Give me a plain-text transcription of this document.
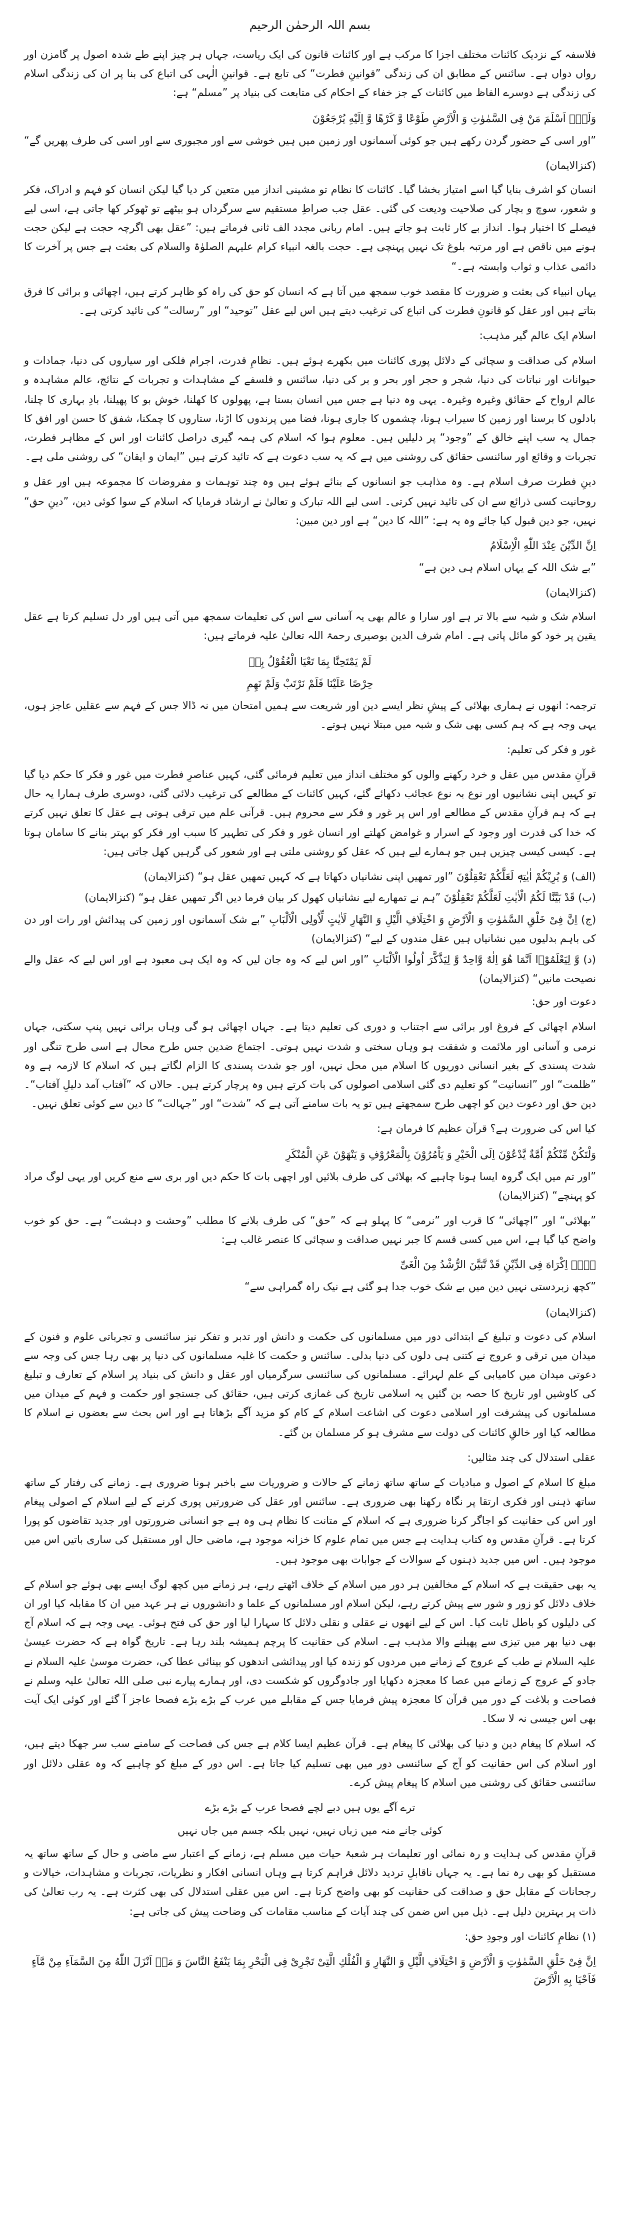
بسم اللہ الرحمٰن الرحیم

فلاسفہ کے نزدیک کائنات مختلف اجزا کا مرکب ہے اور کائنات قانون کی ایک ریاست، جہاں ہر چیز اپنے طے شدہ اصول پر گامزن اور رواں دواں ہے۔ سائنس کے مطابق ان کی زندگی ”قوانینِ فطرت“ کی تابع ہے۔ قوانینِ الٰہی کی اتباع کی بنا پر ان کی زندگی اسلام کی زندگی ہے دوسرے الفاظ میں کائنات کے جز خفاء کے احکام کی متابعت کی بنیاد پر ”مسلم“ ہے:

وَلَهٗۤ اَسْلَمَ مَنْ فِی السَّمٰوٰتِ وَ الْاَرْضِ طَوْعًا وَّ كَرْهًا وَّ اِلَیْهِ یُرْجَعُوْنَ

”اور اسی کے حضور گردن رکھے ہیں جو کوئی آسمانوں اور زمین میں ہیں خوشی سے اور مجبوری سے اور اسی کی طرف پھریں گے“

(کنزالایمان)

انسان کو اشرف بنایا گیا اسے امتیاز بخشا گیا۔ کائنات کا نظام تو مشینی انداز میں متعین کر دیا گیا لیکن انسان کو فہم و ادراک، فکر و شعور، سوچ و بچار کی صلاحیت ودیعت کی گئی۔ عقل جب صراطِ مستقیم سے سرگرداں ہو بیٹھے تو ٹھوکر کھا جاتی ہے، اسی لیے فیصلے کا اختیار ہوا۔ انداز بے کار ثابت ہو جاتے ہیں۔ امام ربانی مجدد الف ثانی فرماتے ہیں: ”عقل بھی اگرچہ حجت ہے لیکن حجت ہونے میں ناقص ہے اور مرتبہ بلوغ تک نہیں پہنچی ہے۔ حجت بالغہ انبیاء کرام علیہم الصلوٰۃ والسلام کی بعثت ہے جس پر آخرت کا دائمی عذاب و ثواب وابستہ ہے۔“

یہاں انبیاء کی بعثت و ضرورت کا مقصد خوب سمجھ میں آتا ہے کہ انسان کو حق کی راہ کو ظاہر کرتے ہیں، اچھائی و برائی کا فرق بتاتے ہیں اور عقل کو قانونِ فطرت کی اتباع کی ترغیب دیتے ہیں اس لیے عقل ”توحید“ اور ”رسالت“ کی تائید کرتی ہے۔

اسلام ایک عالم گیر مذہب:

اسلام کی صداقت و سچائی کے دلائل پوری کائنات میں بکھرے ہوئے ہیں۔ نظامِ قدرت، اجرام فلکی اور سیاروں کی دنیا، جمادات و حیوانات اور نباتات کی دنیا، شجر و حجر اور بحر و بر کی دنیا، سائنس و فلسفے کے مشاہدات و تجربات کے نتائج، عالم مشاہدہ و عالم ارواح کے حقائق وغیرہ وغیرہ۔ یہی وہ دنیا ہے جس میں انسان بستا ہے، پھولوں کا کھلنا، خوش بو کا پھیلنا، بادِ بہاری کا چلنا، بادلوں کا برسنا اور زمین کا سیراب ہونا، چشموں کا جاری ہونا، فضا میں پرندوں کا اڑنا، ستاروں کا چمکنا، شفق کا حسن اور افق کا جمال یہ سب اپنے خالق کے ”وجود“ پر دلیلیں ہیں۔ معلوم ہوا کہ اسلام کی ہمہ گیری دراصل کائنات اور اس کے مظاہر فطرت، تجربات و وقائع اور سائنسی حقائق کی روشنی میں ہے کہ یہ سب دعوت ہے کہ تائید کرتے ہیں ”ایمان و ایقان“ کی روشنی ملی ہے۔

دینِ فطرت صرف اسلام ہے۔ وہ مذاہب جو انسانوں کے بنائے ہوئے ہیں وہ چند توہمات و مفروضات کا مجموعہ ہیں اور عقل و روحانیت کسی ذرائع سے ان کی تائید نہیں کرتی۔ اسی لیے اللہ تبارک و تعالیٰ نے ارشاد فرمایا کہ اسلام کے سوا کوئی دین، ”دینِ حق“ نہیں، جو دین قبول کیا جائے وہ یہ ہے: ”اللہ کا دین“ ہے اور دین مبین:

اِنَّ الدِّیْنَ عِنْدَ اللّٰهِ الْاِسْلَامُ

”بے شک اللہ کے یہاں اسلام ہی دین ہے“

(کنزالایمان)

اسلام شک و شبہ سے بالا تر ہے اور سارا و عالم بھی یہ آسانی سے اس کی تعلیمات سمجھ میں آتی ہیں اور دل تسلیم کرتا ہے عقل یقین پر خود کو مائل پاتی ہے۔ امام شرف الدین بوصیری رحمۃ اللہ تعالیٰ علیہ فرماتے ہیں:

لَمْ یَمْتَحِنَّا بِمَا تَعْیَا الْعُقُوْلُ بِهٖ
حِرْصًا عَلَیْنَا فَلَمْ نَرْتَبْ وَلَمْ نَهِمِ

ترجمہ: انھوں نے ہماری بھلائی کے پیشِ نظر ایسے دین اور شریعت سے ہمیں امتحان میں نہ ڈالا جس کے فہم سے عقلیں عاجز ہوں، یہی وجہ ہے کہ ہم کسی بھی شک و شبہ میں مبتلا نہیں ہوتے۔

غور و فکر کی تعلیم:

قرآنِ مقدس میں عقل و خرد رکھنے والوں کو مختلف انداز میں تعلیم فرمائی گئی، کہیں عناصرِ فطرت میں غور و فکر کا حکم دیا گیا تو کہیں اپنی نشانیوں اور نوع بہ نوع عجائب دکھائے گئے، کہیں کائنات کے مطالعے کی ترغیب دلائی گئی، دوسری طرف ہمارا یہ حال ہے کہ ہم قرآنِ مقدس کے مطالعے اور اس پر غور و فکر سے محروم ہیں۔ قرآنی علم میں ترقی ہوتی ہے عقل کا تعلق نہیں کرتے کہ خدا کی قدرت اور وجود کے اسرار و غوامض کھلتے اور انسان غور و فکر کی تطہیر کا سبب اور فکر کو بہتر بنانے کا سامان ہوتا ہے۔ کیسی کیسی چیزیں ہیں جو ہمارے لیے ہیں کہ عقل کو روشنی ملتی ہے اور شعور کی گرہیں کھل جاتی ہیں:

(الف) وَ یُرِیْكُمْ اٰیٰتِهٖ لَعَلَّكُمْ تَعْقِلُوْنَ ”اور تمھیں اپنی نشانیاں دکھاتا ہے کہ کہیں تمھیں عقل ہو“ (کنزالایمان)

(ب) قَدْ بَیَّنَّا لَكُمُ الْاٰیٰتِ لَعَلَّكُمْ تَعْقِلُوْنَ ”ہم نے تمھارے لیے نشانیاں کھول کر بیان فرما دیں اگر تمھیں عقل ہو“ (کنزالایمان)

(ج) اِنَّ فِیْ خَلْقِ السَّمٰوٰتِ وَ الْاَرْضِ وَ اخْتِلَافِ الَّیْلِ وَ النَّهَارِ لَاٰیٰتٍ لِّاُولِی الْاَلْبَابِ ”بے شک آسمانوں اور زمین کی پیدائش اور رات اور دن کی باہم بدلیوں میں نشانیاں ہیں عقل مندوں کے لیے“ (کنزالایمان)

(د) وَّ لِیَعْلَمُوْۤا اَنَّمَا هُوَ اِلٰهٌ وَّاحِدٌ وَّ لِیَذَّكَّرَ اُولُوا الْاَلْبَابِ ”اور اس لیے کہ وہ جان لیں کہ وہ ایک ہی معبود ہے اور اس لیے کہ عقل والے نصیحت مانیں“ (کنزالایمان)

دعوت اور حق:

اسلام اچھائی کے فروغ اور برائی سے اجتناب و دوری کی تعلیم دیتا ہے۔ جہاں اچھائی ہو گی وہاں برائی نہیں پنپ سکتی، جہاں نرمی و آسانی اور ملائمت و شفقت ہو وہاں سختی و شدت نہیں ہوتی۔ اجتماع ضدین جس طرح محال ہے اسی طرح تنگی اور شدت پسندی کے بغیر انسانی دوریوں کا اسلام میں محل نہیں، اور جو شدت پسندی کا الزام لگاتے ہیں کہ اسلام کا لازمہ ہے وہ ”ظلمت“ اور ”انسانیت“ کو تعلیم دی گئی اسلامی اصولوں کی بات کرتے ہیں وہ پرچار کرتے ہیں۔ حالاں کہ ”آفتاب آمد دلیلِ آفتاب“۔ دین حق اور دعوت دین کو اچھی طرح سمجھتے ہیں تو یہ بات سامنے آتی ہے کہ ”شدت“ اور ”جہالت“ کا دین سے کوئی تعلق نہیں۔

کیا اس کی ضرورت ہے؟ قرآن عظیم کا فرمان ہے:

وَلْتَكُنْ مِّنْكُمْ اُمَّةٌ یَّدْعُوْنَ اِلَى الْخَیْرِ وَ یَاْمُرُوْنَ بِالْمَعْرُوْفِ وَ یَنْهَوْنَ عَنِ الْمُنْكَرِ

”اور تم میں ایک گروہ ایسا ہونا چاہیے کہ بھلائی کی طرف بلائیں اور اچھی بات کا حکم دیں اور بری سے منع کریں اور یہی لوگ مراد کو پہنچے“ (کنزالایمان)

”بھلائی“ اور ”اچھائی“ کا قرب اور ”نرمی“ کا پہلو ہے کہ ”حق“ کی طرف بلانے کا مطلب ”وحشت و دہشت“ ہے۔ حق کو خوب واضح کیا گیا ہے، اس میں کسی قسم کا جبر نہیں صداقت و سچائی کا عنصر غالب ہے:

لَاۤ اِكْرَاهَ فِی الدِّیْنِ قَدْ تَّبَیَّنَ الرُّشْدُ مِنَ الْغَیِّ

”کچھ زبردستی نہیں دین میں بے شک خوب جدا ہو گئی ہے نیک راہ گمراہی سے“

(کنزالایمان)

اسلام کی دعوت و تبلیغ کے ابتدائی دور میں مسلمانوں کی حکمت و دانش اور تدبر و تفکر نیز سائنسی و تجرباتی علوم و فنون کے میدان میں ترقی و عروج نے کتنی ہی دلوں کی دنیا بدلی۔ سائنس و حکمت کا غلبہ مسلمانوں کی دنیا پر بھی رہا جس کی وجہ سے دعوتی میدان میں کامیابی کے علم لہرائے۔ مسلمانوں کی سائنسی سرگرمیاں اور عقل و دانش کی بنیاد پر اسلام کے تعارف و تبلیغ کی کاوشیں اور تاریخ کا حصہ بن گئیں یہ اسلامی تاریخ کی غمازی کرتی ہیں، حقائق کی جستجو اور حکمت و فہم کے میدان میں مسلمانوں کی پیشرفت اور اسلامی دعوت کی اشاعت اسلام کے کام کو مزید آگے بڑھاتا ہے اور اس بحث سے بعضوں نے اسلام کا مطالعہ کیا اور خالقِ کائنات کی دولت سے مشرف ہو کر مسلمان بن گئے۔

عقلی استدلال کی چند مثالیں:

مبلغ کا اسلام کے اصول و مبادیات کے ساتھ ساتھ زمانے کے حالات و ضروریات سے باخبر ہونا ضروری ہے۔ زمانے کی رفتار کے ساتھ ساتھ ذہنی اور فکری ارتقا پر نگاہ رکھنا بھی ضروری ہے۔ سائنس اور عقل کی ضرورتیں پوری کرنے کے لیے اسلام کے اصولی پیغام اور اس کی حقانیت کو اجاگر کرنا ضروری ہے کہ اسلام کے متانت کا نظام ہی وہ ہے جو انسانی ضرورتوں اور جدید تقاضوں کو پورا کرتا ہے۔ قرآنِ مقدس وہ کتاب ہدایت ہے جس میں تمام علوم کا خزانہ موجود ہے، ماضی حال اور مستقبل کی ساری باتیں اس میں موجود ہیں۔ اس میں جدید ذہنوں کے سوالات کے جوابات بھی موجود ہیں۔

یہ بھی حقیقت ہے کہ اسلام کے مخالفین ہر دور میں اسلام کے خلاف اٹھتے رہے، ہر زمانے میں کچھ لوگ ایسے بھی ہوئے جو اسلام کے خلاف دلائل کو زور و شور سے پیش کرتے رہے، لیکن اسلام اور مسلمانوں کے علما و دانشوروں نے ہر عہد میں ان کا مقابلہ کیا اور ان کی دلیلوں کو باطل ثابت کیا۔ اس کے لیے انھوں نے عقلی و نقلی دلائل کا سہارا لیا اور حق کی فتح ہوئی۔ یہی وجہ ہے کہ اسلام آج بھی دنیا بھر میں تیزی سے پھیلنے والا مذہب ہے۔ اسلام کی حقانیت کا پرچم ہمیشہ بلند رہا ہے۔ تاریخ گواہ ہے کہ حضرت عیسیٰ علیہ السلام نے طب کے عروج کے زمانے میں مردوں کو زندہ کیا اور پیدائشی اندھوں کو بینائی عطا کی، حضرت موسیٰ علیہ السلام نے جادو کے عروج کے زمانے میں عصا کا معجزہ دکھایا اور جادوگروں کو شکست دی، اور ہمارے پیارے نبی صلی اللہ تعالیٰ علیہ وسلم نے فصاحت و بلاغت کے دور میں قرآن کا معجزہ پیش فرمایا جس کے مقابلے میں عرب کے بڑے بڑے فصحا عاجز آ گئے اور کوئی ایک آیت بھی اس جیسی نہ لا سکا۔

کہ اسلام کا پیغام دین و دنیا کی بھلائی کا پیغام ہے۔ قرآن عظیم ایسا کلام ہے جس کی فصاحت کے سامنے سب سر جھکا دیتے ہیں، اور اسلام کی اس حقانیت کو آج کے سائنسی دور میں بھی تسلیم کیا جاتا ہے۔ اس دور کے مبلغ کو چاہیے کہ وہ عقلی دلائل اور سائنسی حقائق کی روشنی میں اسلام کا پیغام پیش کرے۔

ترے آگے یوں ہیں دبے لچے فصحا عرب کے بڑے بڑے
کوئی جانے منہ میں زباں نہیں، نہیں بلکہ جسم میں جاں نہیں

قرآنِ مقدس کی ہدایت و رہ نمائی اور تعلیمات ہر شعبۂ حیات میں مسلم ہے، زمانے کے اعتبار سے ماضی و حال کے ساتھ ساتھ یہ مستقبل کو بھی رہ نما ہے۔ یہ جہاں ناقابلِ تردید دلائل فراہم کرتا ہے وہاں انسانی افکار و نظریات، تجربات و مشاہدات، خیالات و رجحانات کے مقابل حق و صداقت کی حقانیت کو بھی واضح کرتا ہے۔ اس میں عقلی استدلال کی بھی کثرت ہے۔ یہ رب تعالیٰ کی ذات پر بہترین دلیل ہے۔ ذیل میں اس ضمن کی چند آیات کے مناسب مقامات کی وضاحت پیش کی جاتی ہے:

(۱) نظامِ کائنات اور وجودِ حق:
اِنَّ فِیْ خَلْقِ السَّمٰوٰتِ وَ الْاَرْضِ وَ اخْتِلَافِ الَّیْلِ وَ النَّهَارِ وَ الْفُلْكِ الَّتِیْ تَجْرِیْ فِی الْبَحْرِ بِمَا یَنْفَعُ النَّاسَ وَ مَاۤ اَنْزَلَ اللّٰهُ مِنَ السَّمَآءِ مِنْ مَّآءٍ فَاَحْیَا بِهِ الْاَرْضَ
